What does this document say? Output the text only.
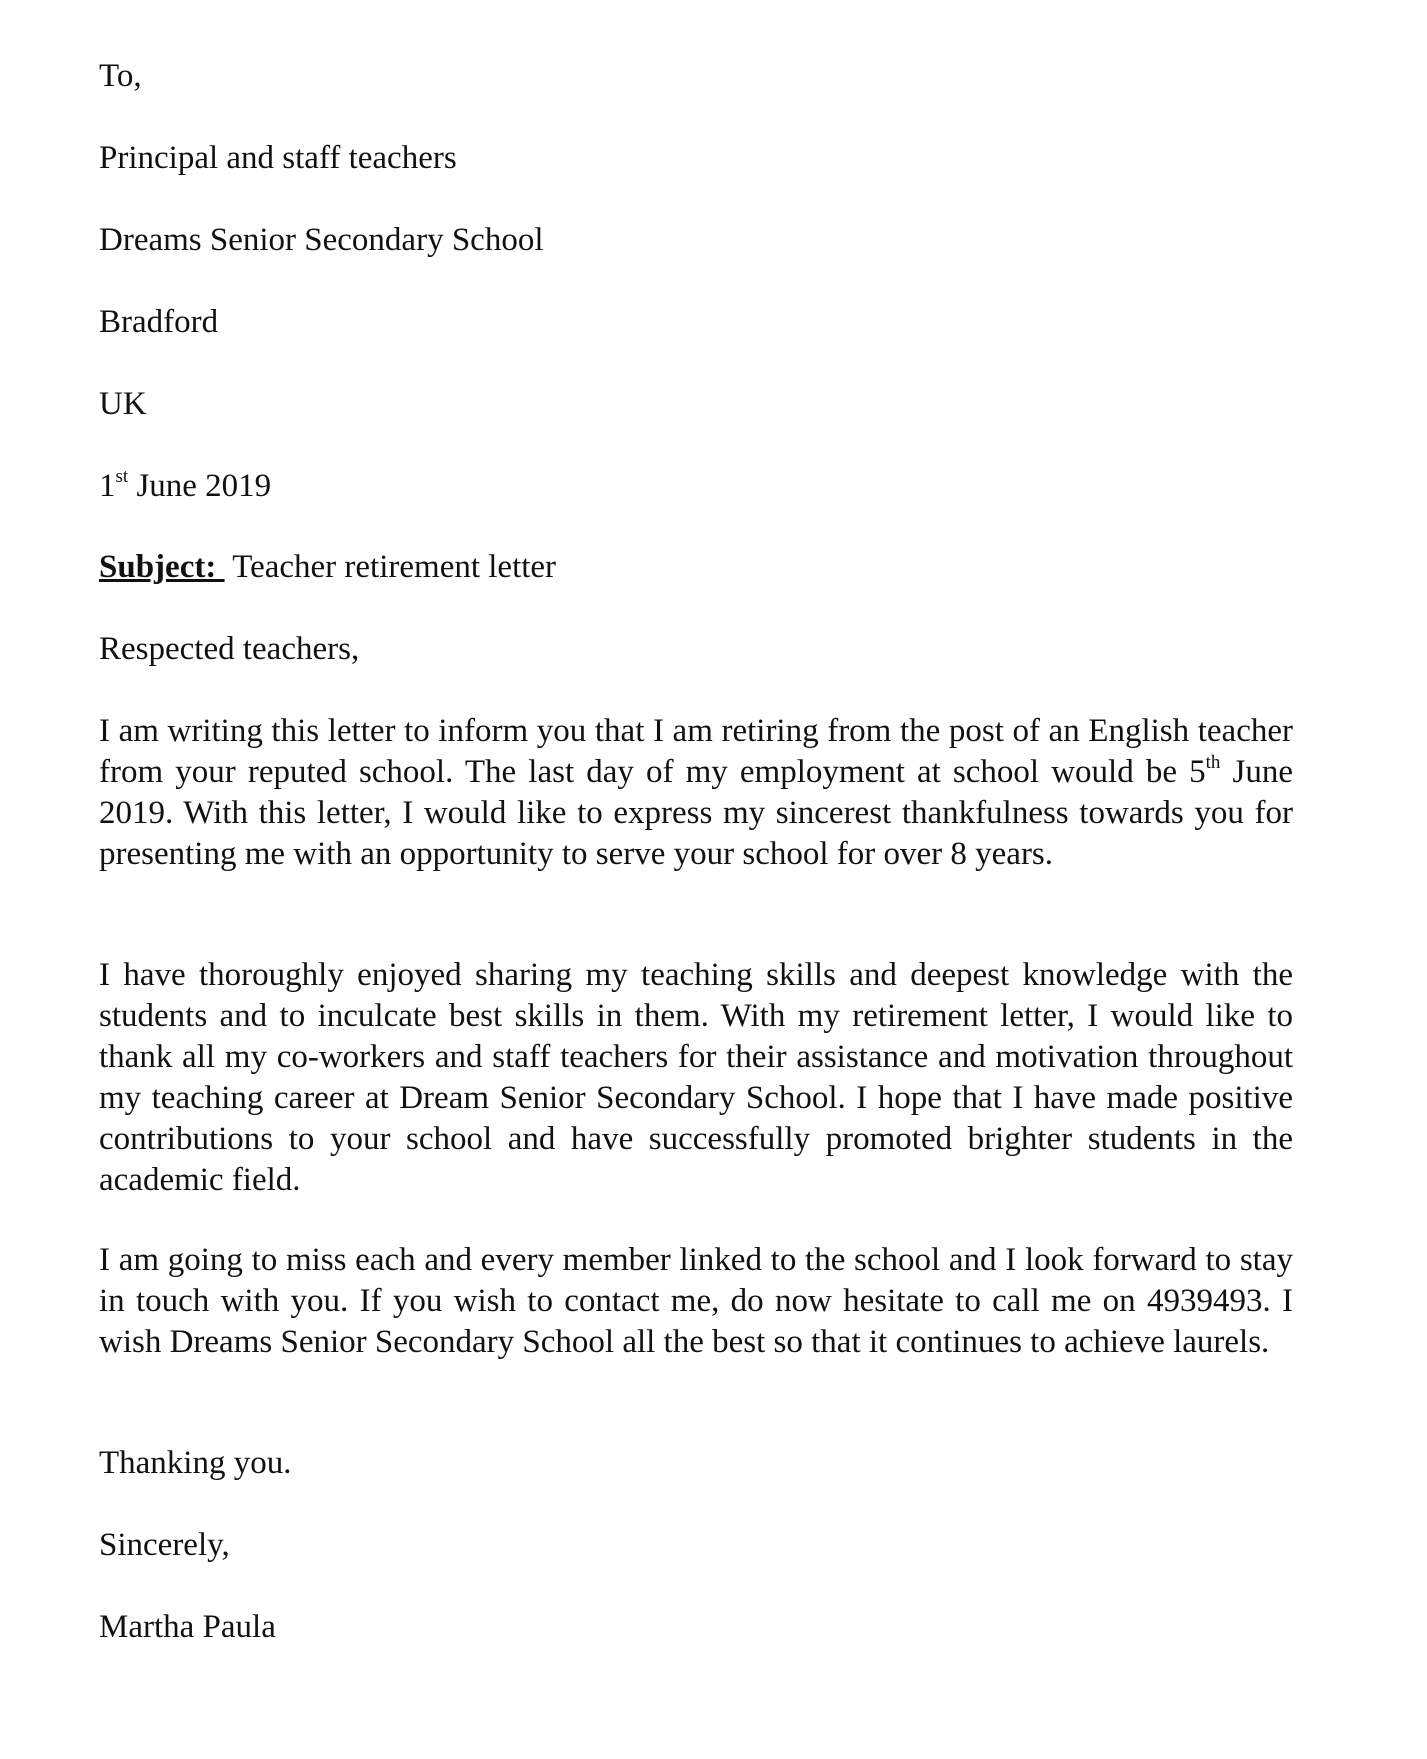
To,
Principal and staff teachers
Dreams Senior Secondary School
Bradford
UK
1st June 2019
Subject:  Teacher retirement letter
Respected teachers,
I am writing this letter to inform you that I am retiring from the post of an English teacher from your reputed school. The last day of my employment at school would be 5th June 2019. With this letter, I would like to express my sincerest thankfulness towards you for presenting me with an opportunity to serve your school for over 8 years.
I have thoroughly enjoyed sharing my teaching skills and deepest knowledge with the students and to inculcate best skills in them. With my retirement letter, I would like to thank all my co-workers and staff teachers for their assistance and motivation throughout my teaching career at Dream Senior Secondary School. I hope that I have made positive contributions to your school and have successfully promoted brighter students in the academic field.
I am going to miss each and every member linked to the school and I look forward to stay in touch with you. If you wish to contact me, do now hesitate to call me on 4939493. I wish Dreams Senior Secondary School all the best so that it continues to achieve laurels.
Thanking you.
Sincerely,
Martha Paula
